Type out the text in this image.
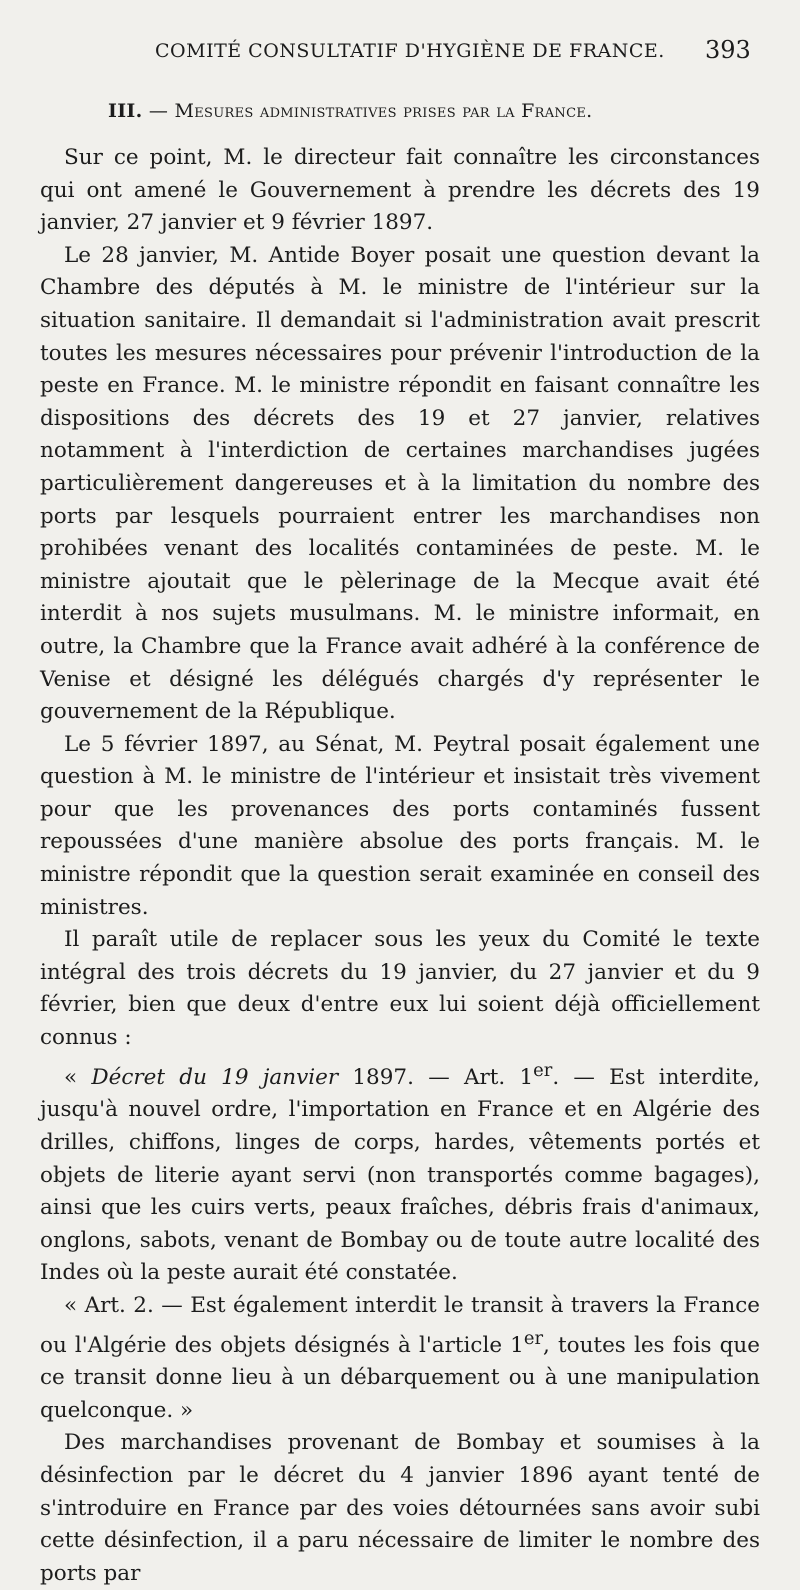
COMITÉ CONSULTATIF D'HYGIÈNE DE FRANCE. 393
III. — Mesures administratives prises par la France.

Sur ce point, M. le directeur fait connaître les circonstances qui ont amené le Gouvernement à prendre les décrets des 19 janvier, 27 janvier et 9 février 1897.

Le 28 janvier, M. Antide Boyer posait une question devant la Chambre des députés à M. le ministre de l'intérieur sur la situation sanitaire. Il demandait si l'administration avait prescrit toutes les mesures nécessaires pour prévenir l'introduction de la peste en France. M. le ministre répondit en faisant connaître les dispositions des décrets des 19 et 27 janvier, relatives notamment à l'interdiction de certaines marchandises jugées particulièrement dangereuses et à la limitation du nombre des ports par lesquels pourraient entrer les marchandises non prohibées venant des localités contaminées de peste. M. le ministre ajoutait que le pèlerinage de la Mecque avait été interdit à nos sujets musulmans. M. le ministre informait, en outre, la Chambre que la France avait adhéré à la conférence de Venise et désigné les délégués chargés d'y représenter le gouvernement de la République.

Le 5 février 1897, au Sénat, M. Peytral posait également une question à M. le ministre de l'intérieur et insistait très vivement pour que les provenances des ports contaminés fussent repoussées d'une manière absolue des ports français. M. le ministre répondit que la question serait examinée en conseil des ministres.

Il paraît utile de replacer sous les yeux du Comité le texte intégral des trois décrets du 19 janvier, du 27 janvier et du 9 février, bien que deux d'entre eux lui soient déjà officiellement connus :

« Décret du 19 janvier 1897. — Art. 1er. — Est interdite, jusqu'à nouvel ordre, l'importation en France et en Algérie des drilles, chiffons, linges de corps, hardes, vêtements portés et objets de literie ayant servi (non transportés comme bagages), ainsi que les cuirs verts, peaux fraîches, débris frais d'animaux, onglons, sabots, venant de Bombay ou de toute autre localité des Indes où la peste aurait été constatée.

« Art. 2. — Est également interdit le transit à travers la France ou l'Algérie des objets désignés à l'article 1er, toutes les fois que ce transit donne lieu à un débarquement ou à une manipulation quelconque. »

Des marchandises provenant de Bombay et soumises à la désinfection par le décret du 4 janvier 1896 ayant tenté de s'introduire en France par des voies détournées sans avoir subi cette désinfection, il a paru nécessaire de limiter le nombre des ports par
